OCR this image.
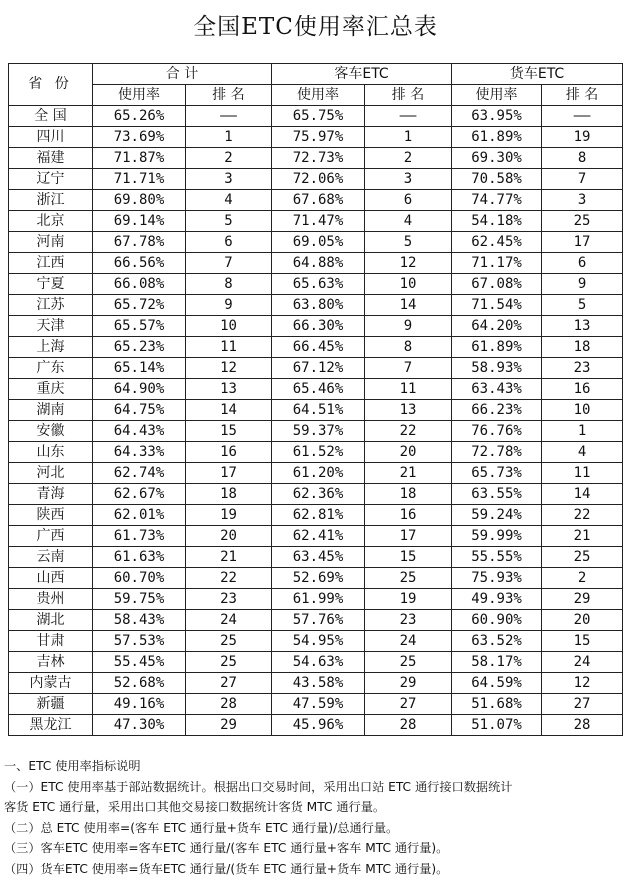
全国ETC使用率汇总表
省 份	合 计		客车ETC		货车ETC	
	使用率	排 名	使用率	排 名	使用率	排 名
全 国	65.26%	——	65.75%	——	63.95%	——
四川	73.69%	1	75.97%	1	61.89%	19
福建	71.87%	2	72.73%	2	69.30%	8
辽宁	71.71%	3	72.06%	3	70.58%	7
浙江	69.80%	4	67.68%	6	74.77%	3
北京	69.14%	5	71.47%	4	54.18%	25
河南	67.78%	6	69.05%	5	62.45%	17
江西	66.56%	7	64.88%	12	71.17%	6
宁夏	66.08%	8	65.63%	10	67.08%	9
江苏	65.72%	9	63.80%	14	71.54%	5
天津	65.57%	10	66.30%	9	64.20%	13
上海	65.23%	11	66.45%	8	61.89%	18
广东	65.14%	12	67.12%	7	58.93%	23
重庆	64.90%	13	65.46%	11	63.43%	16
湖南	64.75%	14	64.51%	13	66.23%	10
安徽	64.43%	15	59.37%	22	76.76%	1
山东	64.33%	16	61.52%	20	72.78%	4
河北	62.74%	17	61.20%	21	65.73%	11
青海	62.67%	18	62.36%	18	63.55%	14
陕西	62.01%	19	62.81%	16	59.24%	22
广西	61.73%	20	62.41%	17	59.99%	21
云南	61.63%	21	63.45%	15	55.55%	25
山西	60.70%	22	52.69%	25	75.93%	2
贵州	59.75%	23	61.99%	19	49.93%	29
湖北	58.43%	24	57.76%	23	60.90%	20
甘肃	57.53%	25	54.95%	24	63.52%	15
吉林	55.45%	25	54.63%	25	58.17%	24
内蒙古	52.68%	27	43.58%	29	64.59%	12
新疆	49.16%	28	47.59%	27	51.68%	27
黑龙江	47.30%	29	45.96%	28	51.07%	28
一、ETC 使用率指标说明
（一）ETC 使用率基于部站数据统计。根据出口交易时间，采用出口站 ETC 通行接口数据统计
客货 ETC 通行量，采用出口其他交易接口数据统计客货 MTC 通行量。
（二）总 ETC 使用率=(客车 ETC 通行量+货车 ETC 通行量)/总通行量。
（三）客车ETC 使用率=客车ETC 通行量/(客车 ETC 通行量+客车 MTC 通行量)。
（四）货车ETC 使用率=货车ETC 通行量/(货车 ETC 通行量+货车 MTC 通行量)。
